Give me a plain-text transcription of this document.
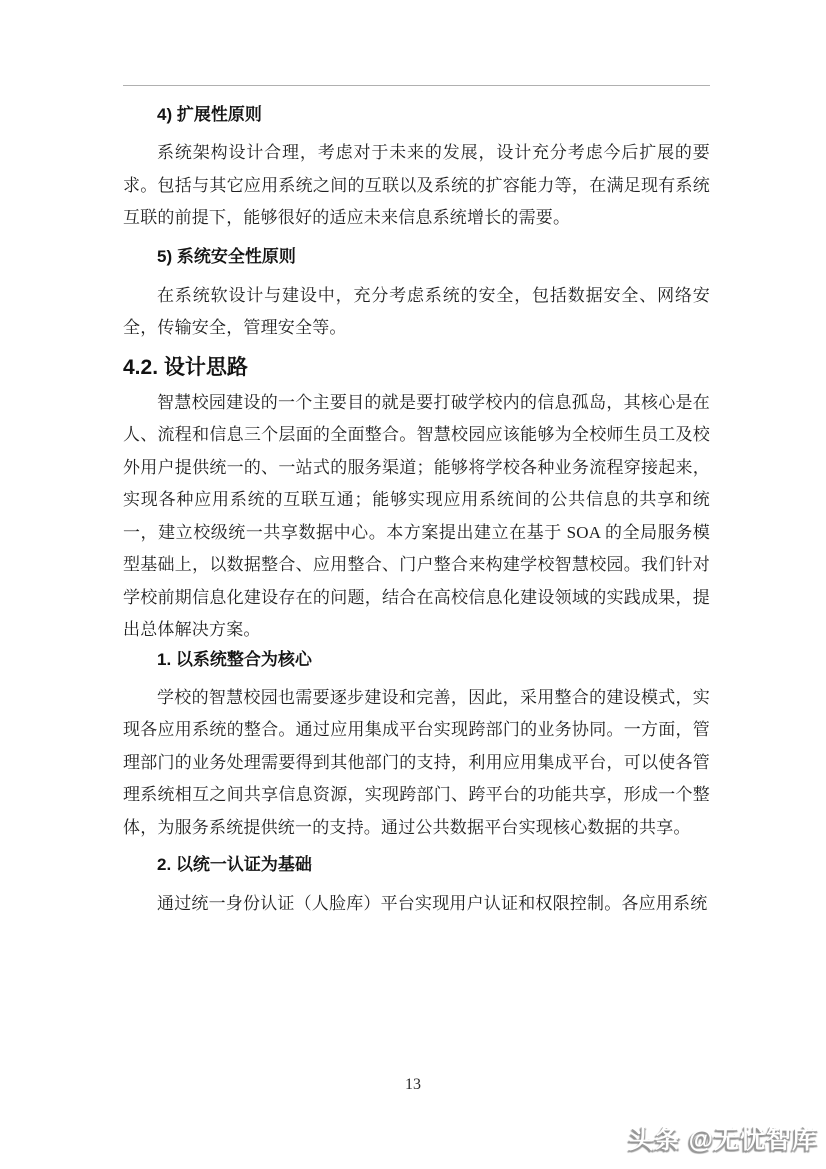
4) 扩展性原则

系统架构设计合理，考虑对于未来的发展，设计充分考虑今后扩展的要求。包括与其它应用系统之间的互联以及系统的扩容能力等，在满足现有系统互联的前提下，能够很好的适应未来信息系统增长的需要。

5) 系统安全性原则

在系统软设计与建设中，充分考虑系统的安全，包括数据安全、网络安全，传输安全，管理安全等。

4.2. 设计思路

智慧校园建设的一个主要目的就是要打破学校内的信息孤岛，其核心是在人、流程和信息三个层面的全面整合。智慧校园应该能够为全校师生员工及校外用户提供统一的、一站式的服务渠道；能够将学校各种业务流程穿接起来，实现各种应用系统的互联互通；能够实现应用系统间的公共信息的共享和统一，建立校级统一共享数据中心。本方案提出建立在基于 SOA 的全局服务模型基础上，以数据整合、应用整合、门户整合来构建学校智慧校园。我们针对学校前期信息化建设存在的问题，结合在高校信息化建设领域的实践成果，提出总体解决方案。

1. 以系统整合为核心

学校的智慧校园也需要逐步建设和完善，因此，采用整合的建设模式，实现各应用系统的整合。通过应用集成平台实现跨部门的业务协同。一方面，管理部门的业务处理需要得到其他部门的支持，利用应用集成平台，可以使各管理系统相互之间共享信息资源，实现跨部门、跨平台的功能共享，形成一个整体，为服务系统提供统一的支持。通过公共数据平台实现核心数据的共享。

2. 以统一认证为基础

通过统一身份认证（人脸库）平台实现用户认证和权限控制。各应用系统

13
头条 @无忧智库
